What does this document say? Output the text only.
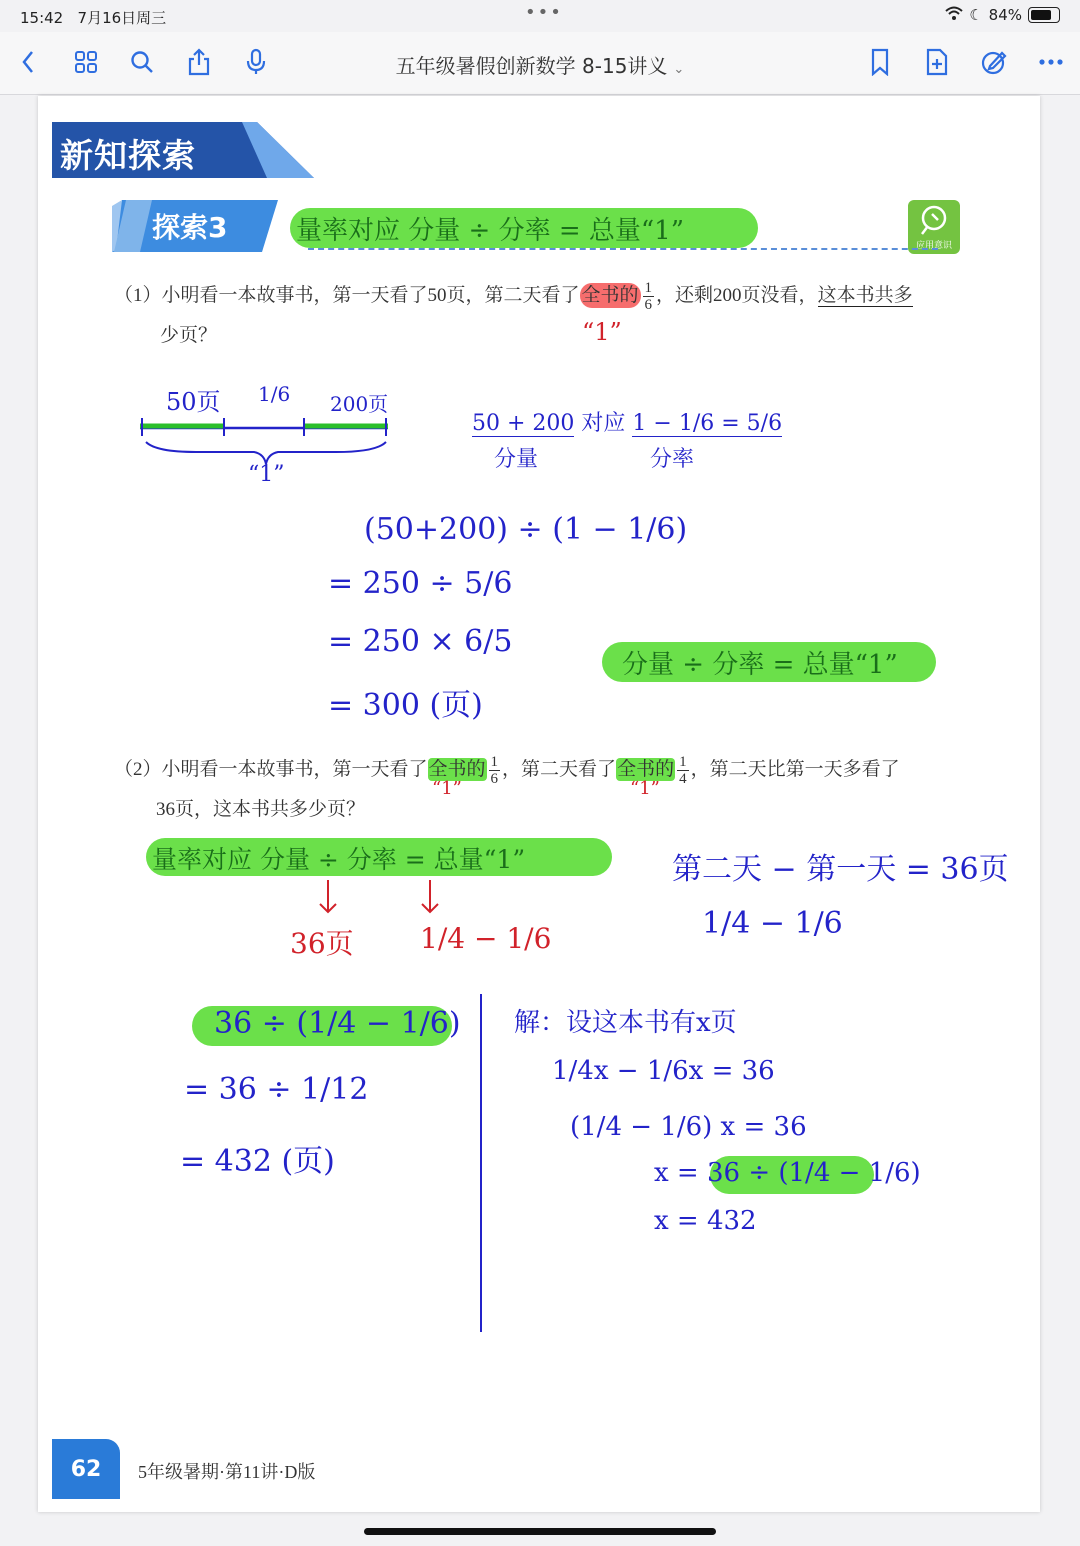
15:42 7月16日周三	•••	☾ 84%
五年级暑假创新数学 8-15讲义 ⌄
新知探索
探索3	量率对应 分量 ÷ 分率 = 总量“1”	应用意识
（1）小明看一本故事书，第一天看了50页，第二天看了 全书的 $\frac{1}{6}$ ，还剩200页没看，这本书共多
少页？	“1”
50页 1/6 200页
“1”
50 + 200 对应 1 − 1/6 = 5/6
分量	分率
(50+200) ÷ (1 − 1/6)
= 250 ÷ 5/6
= 250 × 6/5
= 300 (页)
分量 ÷ 分率 = 总量“1”
（2）小明看一本故事书，第一天看了全书的 $\frac{1}{6}$ ，第二天看了全书的 $\frac{1}{4}$ ，第二天比第一天多看了
36页，这本书共多少页？
“1”	“1”
量率对应 分量 ÷ 分率 = 总量“1”
36页 1/4 − 1/6
第二天 − 第一天 = 36页
1/4 − 1/6
36 ÷ (1/4 − 1/6)
= 36 ÷ 1/12
= 432 (页)
解：设这本书有x页
1/4x − 1/6x = 36
(1/4 − 1/6) x = 36
x = 36 ÷ (1/4 − 1/6)
x = 432
62	5年级暑期·第11讲·D版
